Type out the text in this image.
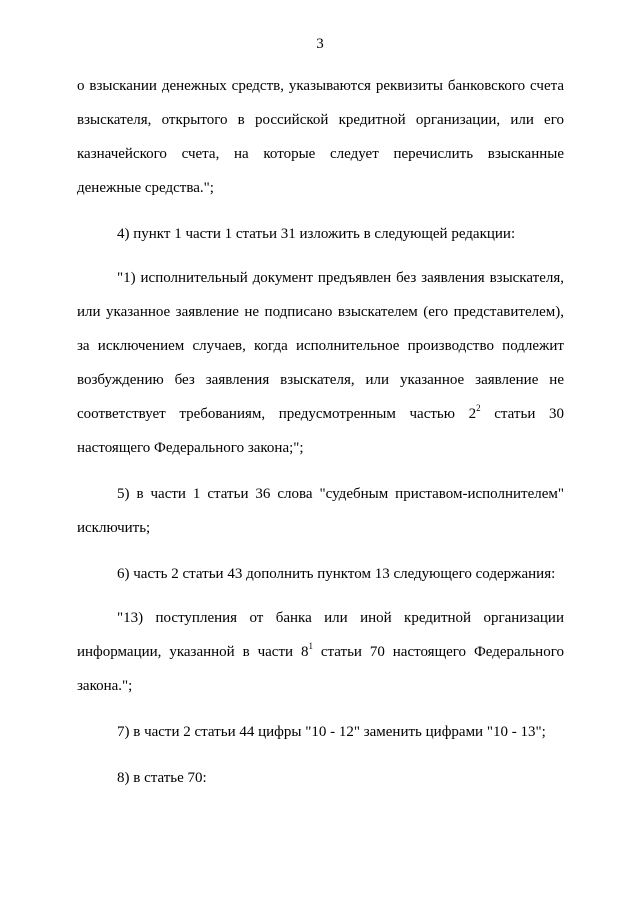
3

о взыскании денежных средств, указываются реквизиты банковского счета взыскателя, открытого в российской кредитной организации, или его казначейского счета, на которые следует перечислить взысканные денежные средства.";

4) пункт 1 части 1 статьи 31 изложить в следующей редакции:

"1) исполнительный документ предъявлен без заявления взыскателя, или указанное заявление не подписано взыскателем (его представителем), за исключением случаев, когда исполнительное производство подлежит возбуждению без заявления взыскателя, или указанное заявление не соответствует требованиям, предусмотренным частью $2^2$ статьи 30 настоящего Федерального закона;";

5) в части 1 статьи 36 слова "судебным приставом-исполнителем" исключить;

6) часть 2 статьи 43 дополнить пунктом 13 следующего содержания:

"13) поступления от банка или иной кредитной организации информации, указанной в части $8^1$ статьи 70 настоящего Федерального закона.";

7) в части 2 статьи 44 цифры "10 - 12" заменить цифрами "10 - 13";

8) в статье 70:
